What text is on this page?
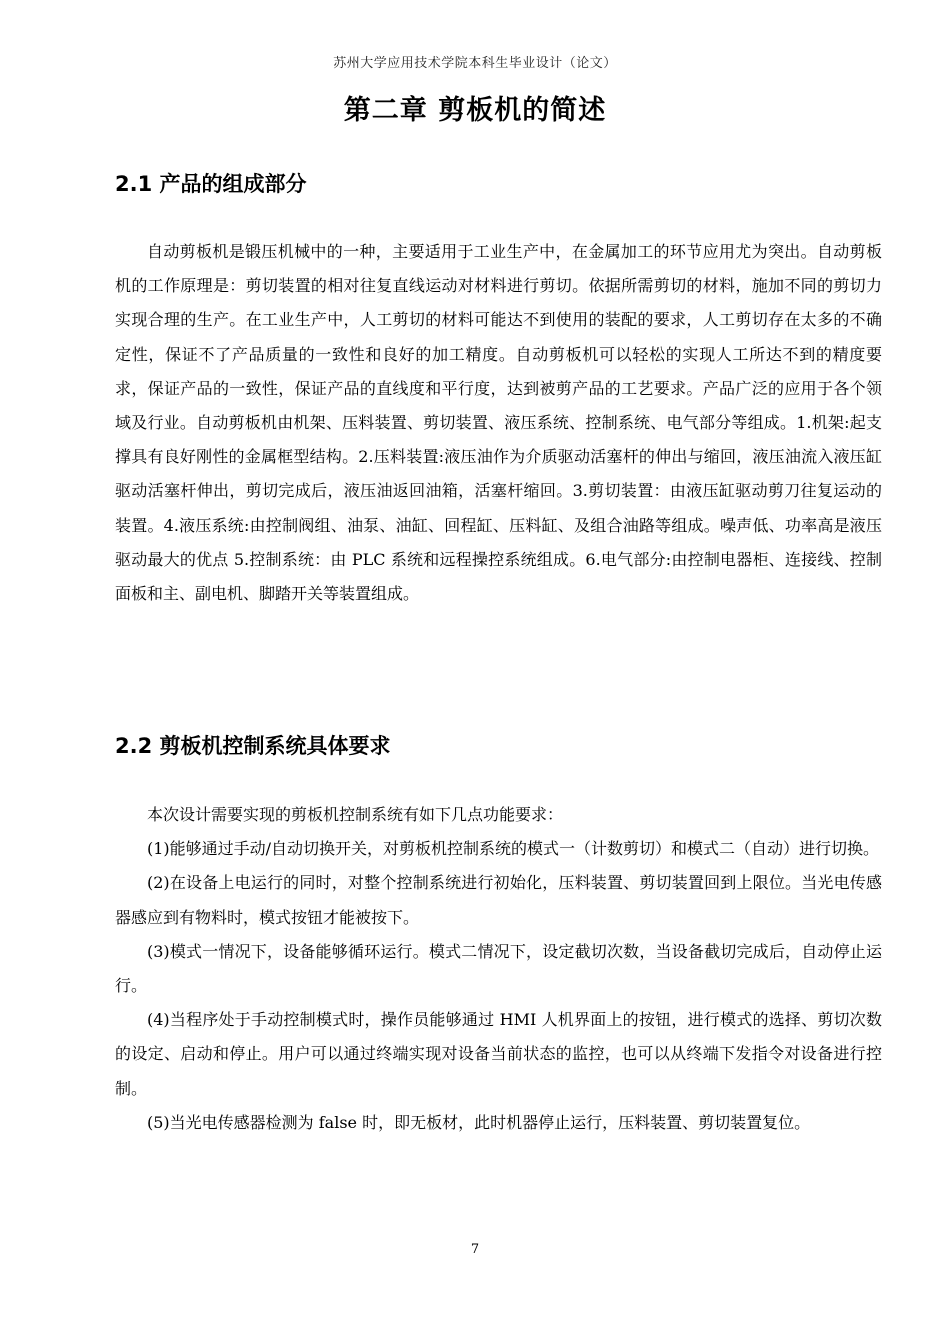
苏州大学应用技术学院本科生毕业设计（论文）
第二章 剪板机的简述
2.1 产品的组成部分

自动剪板机是锻压机械中的一种，主要适用于工业生产中，在金属加工的环节应用尤为突出。自动剪板机的工作原理是：剪切装置的相对往复直线运动对材料进行剪切。依据所需剪切的材料，施加不同的剪切力实现合理的生产。在工业生产中，人工剪切的材料可能达不到使用的装配的要求，人工剪切存在太多的不确定性，保证不了产品质量的一致性和良好的加工精度。自动剪板机可以轻松的实现人工所达不到的精度要求，保证产品的一致性，保证产品的直线度和平行度，达到被剪产品的工艺要求。产品广泛的应用于各个领域及行业。自动剪板机由机架、压料装置、剪切装置、液压系统、控制系统、电气部分等组成。1.机架:起支撑具有良好刚性的金属框型结构。2.压料装置:液压油作为介质驱动活塞杆的伸出与缩回，液压油流入液压缸驱动活塞杆伸出，剪切完成后，液压油返回油箱，活塞杆缩回。3.剪切装置：由液压缸驱动剪刀往复运动的装置。4.液压系统:由控制阀组、油泵、油缸、回程缸、压料缸、及组合油路等组成。噪声低、功率高是液压驱动最大的优点 5.控制系统：由 PLC 系统和远程操控系统组成。6.电气部分:由控制电器柜、连接线、控制面板和主、副电机、脚踏开关等装置组成。

2.2 剪板机控制系统具体要求

本次设计需要实现的剪板机控制系统有如下几点功能要求：

(1)能够通过手动/自动切换开关，对剪板机控制系统的模式一（计数剪切）和模式二（自动）进行切换。

(2)在设备上电运行的同时，对整个控制系统进行初始化，压料装置、剪切装置回到上限位。当光电传感器感应到有物料时，模式按钮才能被按下。

(3)模式一情况下，设备能够循环运行。模式二情况下，设定截切次数，当设备截切完成后，自动停止运行。

(4)当程序处于手动控制模式时，操作员能够通过 HMI 人机界面上的按钮，进行模式的选择、剪切次数的设定、启动和停止。用户可以通过终端实现对设备当前状态的监控，也可以从终端下发指令对设备进行控制。

(5)当光电传感器检测为 false 时，即无板材，此时机器停止运行，压料装置、剪切装置复位。

7
